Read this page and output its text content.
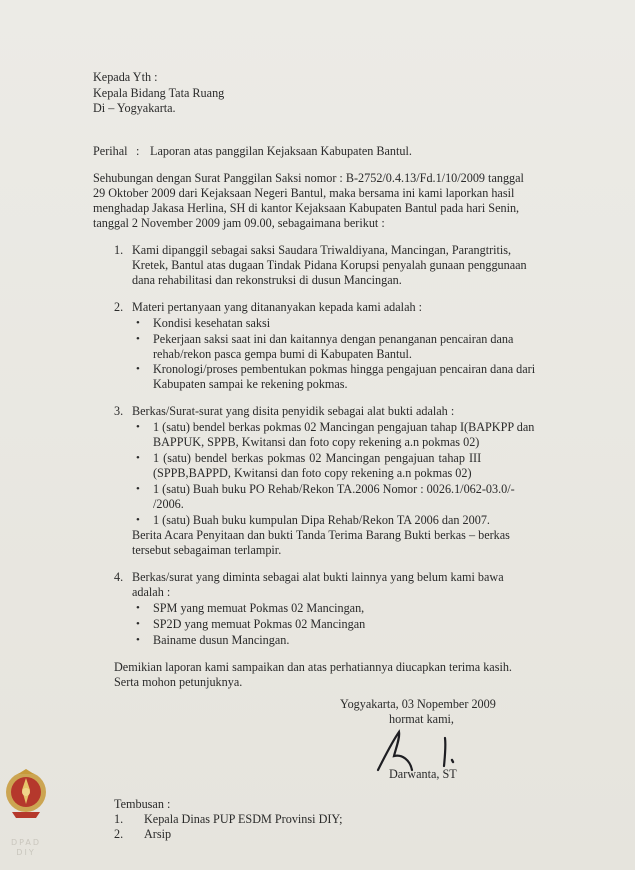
Kepada Yth :

Kepala Bidang Tata Ruang

Di – Yogyakarta.

Perihal : Laporan atas panggilan Kejaksaan Kabupaten Bantul.

Sehubungan dengan Surat Panggilan Saksi nomor : B-2752/0.4.13/Fd.1/10/2009 tanggal

29 Oktober 2009 dari Kejaksaan Negeri Bantul, maka bersama ini kami laporkan hasil

menghadap Jakasa Herlina, SH di kantor Kejaksaan Kabupaten Bantul pada hari Senin,

tanggal 2 November 2009 jam 09.00, sebagaimana berikut :

1. Kami dipanggil sebagai saksi Saudara Triwaldiyana, Mancingan, Parangtritis,

Kretek, Bantul atas dugaan Tindak Pidana Korupsi penyalah gunaan penggunaan

dana rehabilitasi dan rekonstruksi di dusun Mancingan.

2. Materi pertanyaan yang ditananyakan kepada kami adalah :

• Kondisi kesehatan saksi

• Pekerjaan saksi saat ini dan kaitannya dengan penanganan pencairan dana

rehab/rekon pasca gempa bumi di Kabupaten Bantul.

• Kronologi/proses pembentukan pokmas hingga pengajuan pencairan dana dari

Kabupaten sampai ke rekening pokmas.

3. Berkas/Surat-surat yang disita penyidik sebagai alat bukti adalah :

• 1 (satu) bendel berkas pokmas 02 Mancingan pengajuan tahap I(BAPKPP dan

BAPPUK, SPPB, Kwitansi dan foto copy rekening a.n pokmas 02)

• 1 (satu) bendel berkas pokmas 02 Mancingan pengajuan tahap III

(SPPB,BAPPD, Kwitansi dan foto copy rekening a.n pokmas 02)

• 1 (satu) Buah buku PO Rehab/Rekon TA.2006 Nomor : 0026.1/062-03.0/-

/2006.

• 1 (satu) Buah buku kumpulan Dipa Rehab/Rekon TA 2006 dan 2007.

Berita Acara Penyitaan dan bukti Tanda Terima Barang Bukti berkas – berkas

tersebut sebagaiman terlampir.

4. Berkas/surat yang diminta sebagai alat bukti lainnya yang belum kami bawa

adalah :

• SPM yang memuat Pokmas 02 Mancingan,

• SP2D yang memuat Pokmas 02 Mancingan

• Bainame dusun Mancingan.

Demikian laporan kami sampaikan dan atas perhatiannya diucapkan terima kasih.

Serta mohon petunjuknya.

Yogyakarta, 03 Nopember 2009

hormat kami,

Darwanta, ST

Tembusan :

1. Kepala Dinas PUP ESDM Provinsi DIY;

2. Arsip

DPAD DIY
